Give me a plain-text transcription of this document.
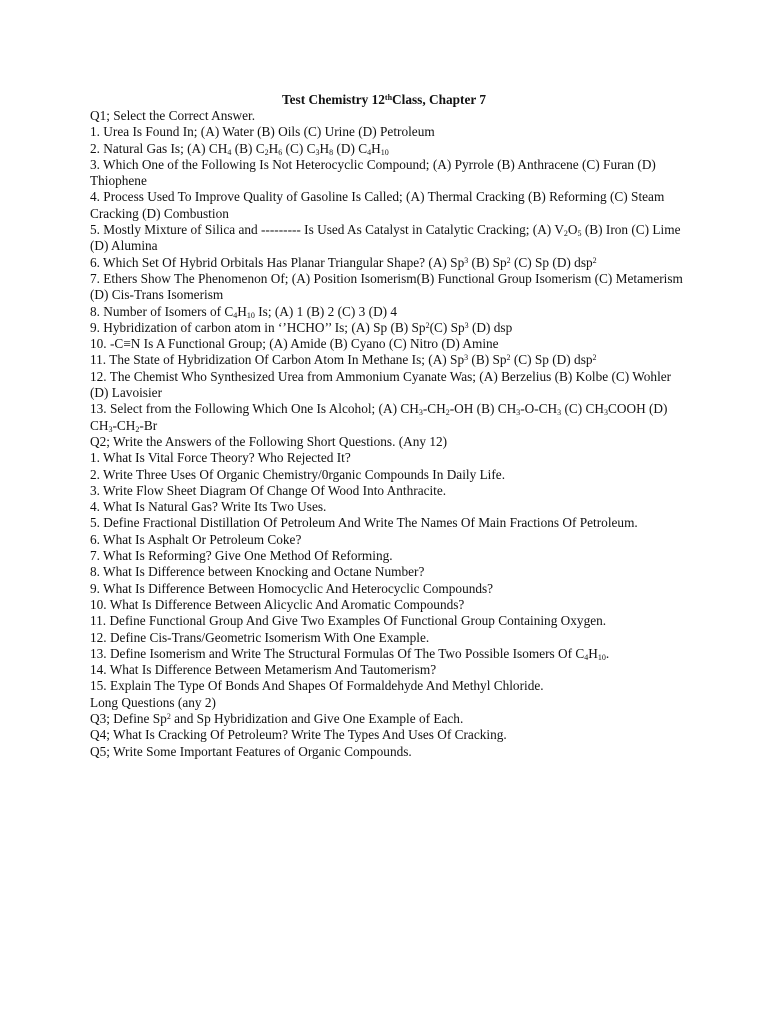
Test Chemistry 12thClass, Chapter 7
Q1; Select the Correct Answer.
1. Urea Is Found In; (A) Water (B) Oils (C) Urine (D) Petroleum
2. Natural Gas Is; (A) $CH_4$ (B) $C_2H_6$ (C) $C_3H_8$ (D) $C_4H_{10}$
3. Which One of the Following Is Not Heterocyclic Compound; (A) Pyrrole (B) Anthracene (C) Furan (D) Thiophene
4. Process Used To Improve Quality of Gasoline Is Called; (A) Thermal Cracking (B) Reforming (C) Steam Cracking (D) Combustion
5. Mostly Mixture of Silica and --------- Is Used As Catalyst in Catalytic Cracking; (A) $V_2O_5$ (B) Iron (C) Lime (D) Alumina
6. Which Set Of Hybrid Orbitals Has Planar Triangular Shape? (A) Sp$^3$ (B) Sp$^2$ (C) Sp (D) dsp$^2$
7. Ethers Show The Phenomenon Of; (A) Position Isomerism(B) Functional Group Isomerism (C) Metamerism (D) Cis-Trans Isomerism
8. Number of Isomers of $C_4H_{10}$ Is; (A) 1 (B) 2 (C) 3 (D) 4
9. Hybridization of carbon atom in ‘’HCHO’’ Is; (A) Sp (B) Sp$^2$(C) Sp$^3$ (D) dsp
10. -C≡N Is A Functional Group; (A) Amide (B) Cyano (C) Nitro (D) Amine
11. The State of Hybridization Of Carbon Atom In Methane Is; (A) Sp$^3$ (B) Sp$^2$ (C) Sp (D) dsp$^2$
12. The Chemist Who Synthesized Urea from Ammonium Cyanate Was; (A) Berzelius (B) Kolbe (C) Wohler (D) Lavoisier
13. Select from the Following Which One Is Alcohol; (A) $CH_3-CH_2-OH$ (B) $CH_3-O-CH_3$ (C) $CH_3COOH$ (D) $CH_3-CH_2-Br$
Q2; Write the Answers of the Following Short Questions. (Any 12)
1. What Is Vital Force Theory? Who Rejected It?
2. Write Three Uses Of Organic Chemistry/0rganic Compounds In Daily Life.
3. Write Flow Sheet Diagram Of Change Of Wood Into Anthracite.
4. What Is Natural Gas? Write Its Two Uses.
5. Define Fractional Distillation Of Petroleum And Write The Names Of Main Fractions Of Petroleum.
6. What Is Asphalt Or Petroleum Coke?
7. What Is Reforming? Give One Method Of Reforming.
8. What Is Difference between Knocking and Octane Number?
9. What Is Difference Between Homocyclic And Heterocyclic Compounds?
10. What Is Difference Between Alicyclic And Aromatic Compounds?
11. Define Functional Group And Give Two Examples Of Functional Group Containing Oxygen.
12. Define Cis-Trans/Geometric Isomerism With One Example.
13. Define Isomerism and Write The Structural Formulas Of The Two Possible Isomers Of $C_4H_{10}$.
14. What Is Difference Between Metamerism And Tautomerism?
15. Explain The Type Of Bonds And Shapes Of Formaldehyde And Methyl Chloride.
Long Questions (any 2)
Q3; Define Sp$^2$ and Sp Hybridization and Give One Example of Each.
Q4; What Is Cracking Of Petroleum? Write The Types And Uses Of Cracking.
Q5; Write Some Important Features of Organic Compounds.
